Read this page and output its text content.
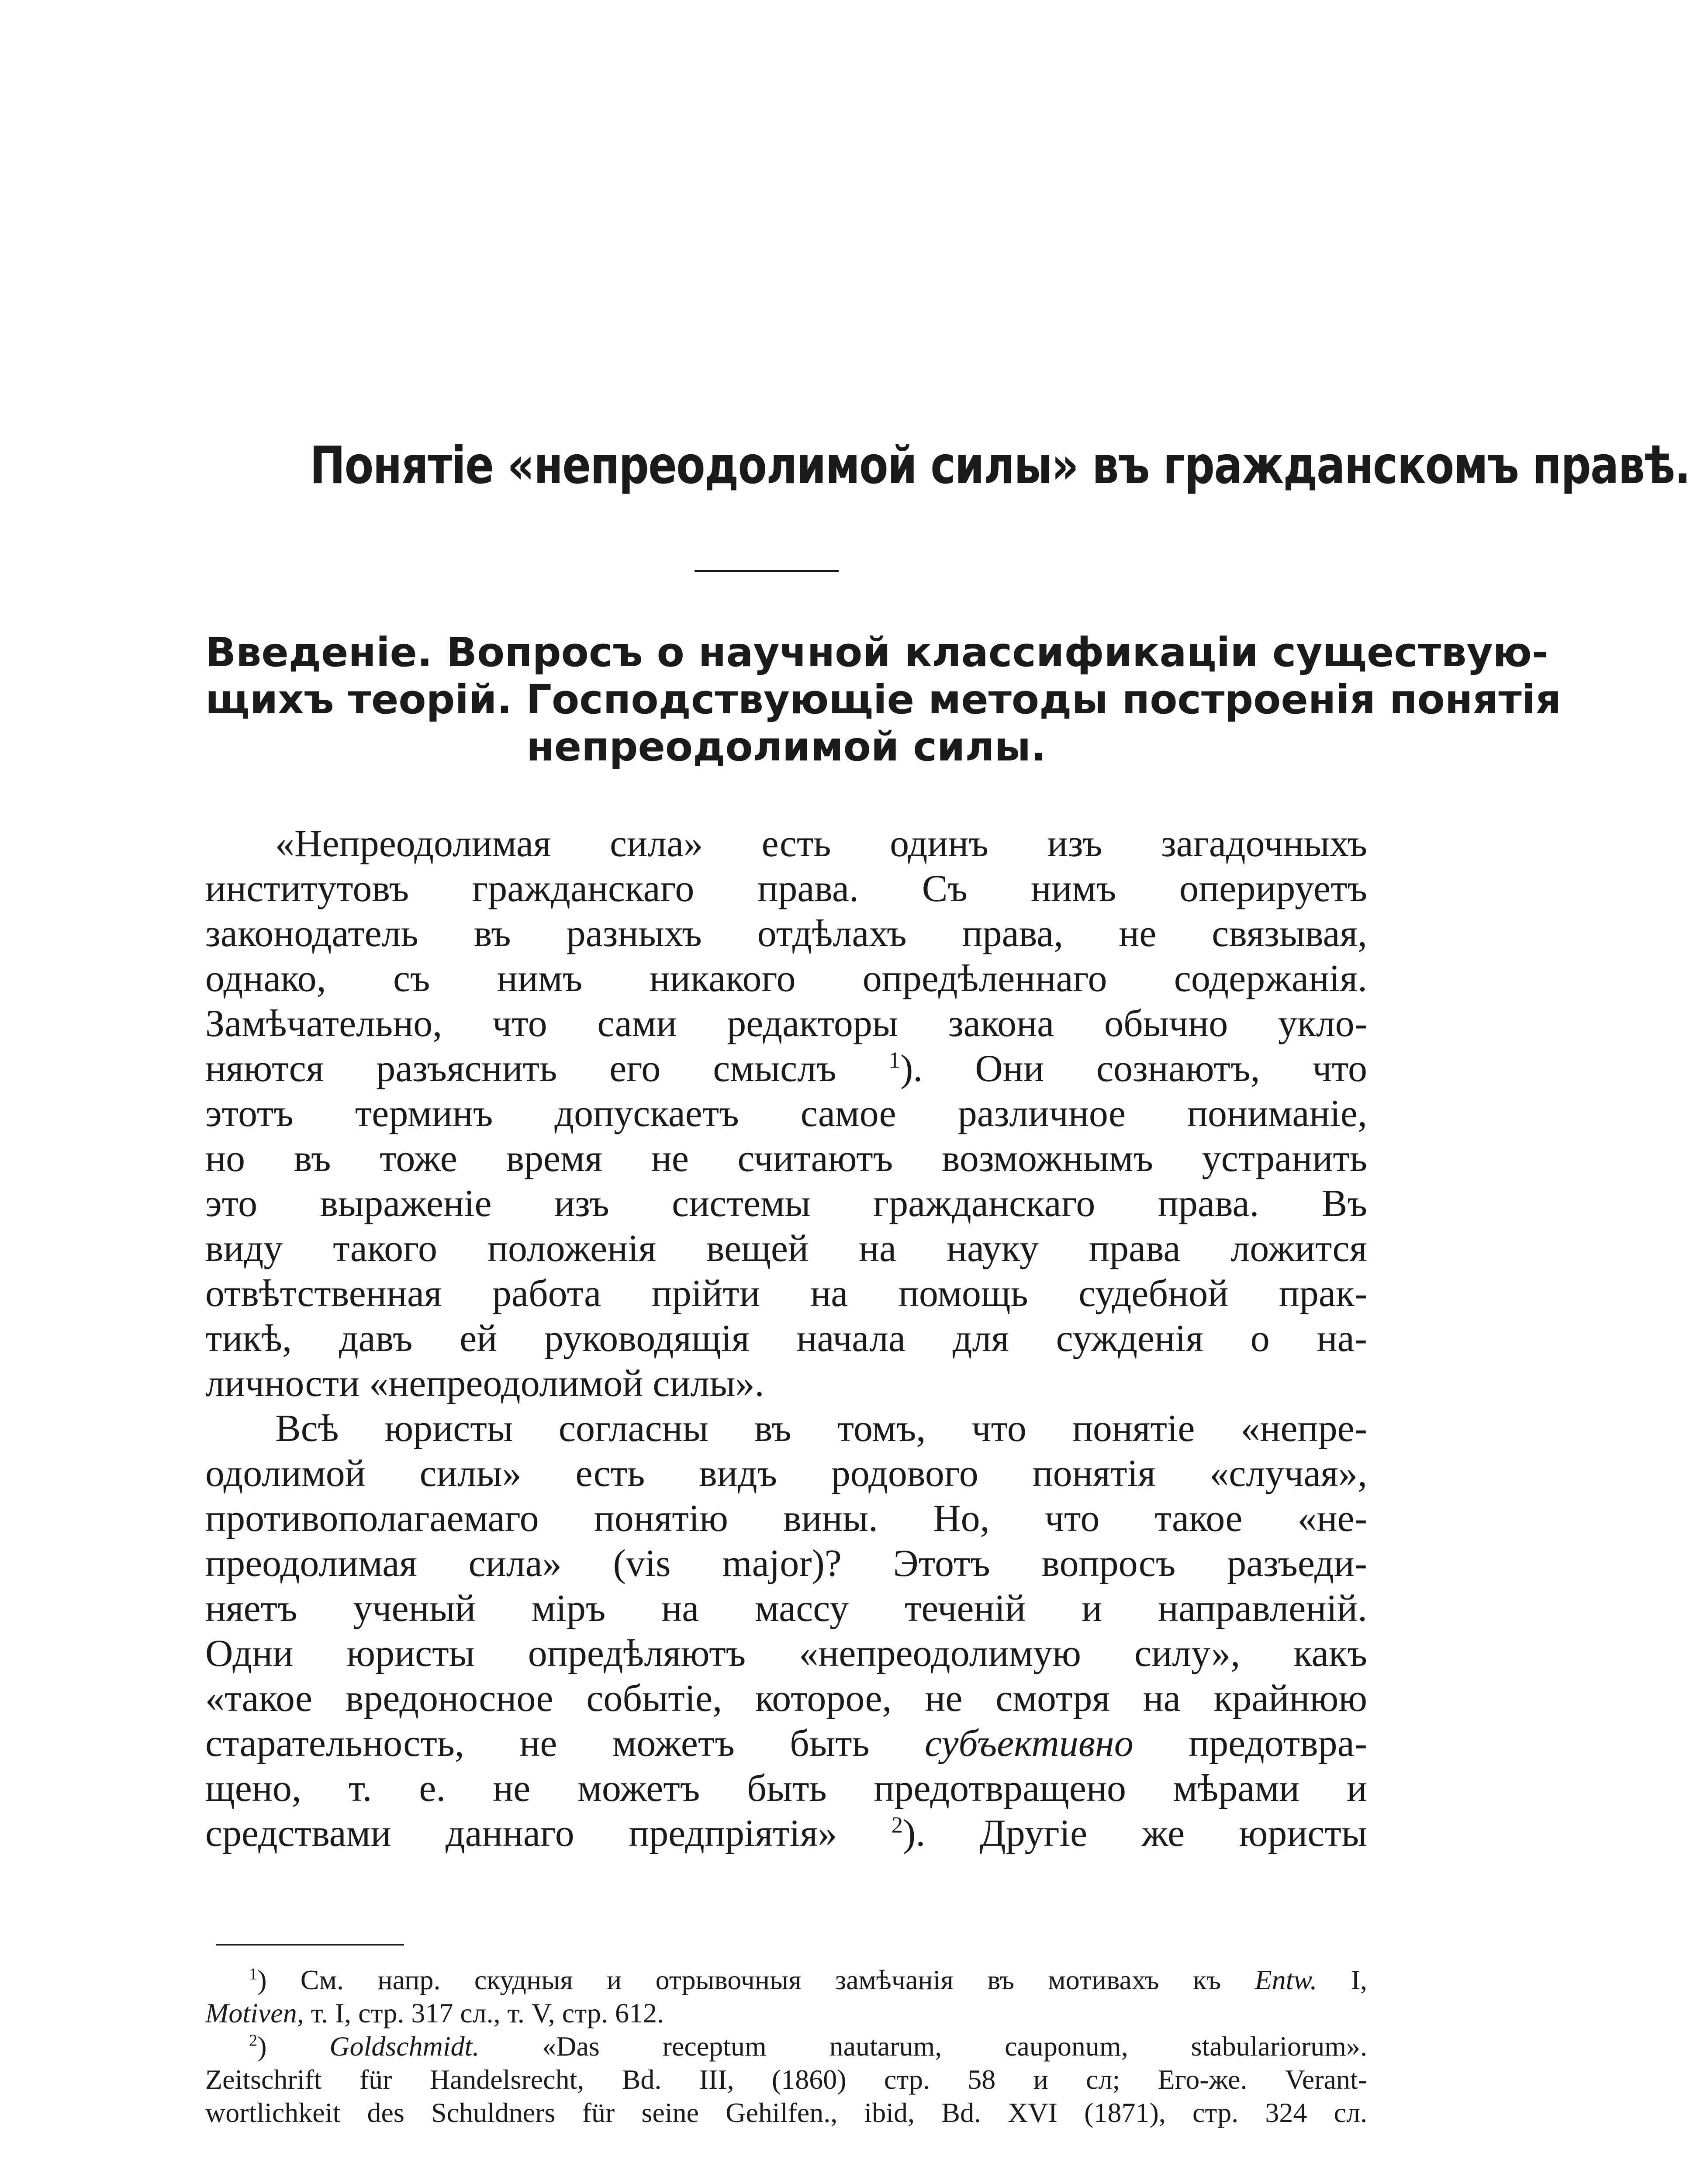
Понятіе «непреодолимой силы» въ гражданскомъ правѣ.
Введеніе. Вопросъ о научной классификаціи существую-
щихъ теорій. Господствующіе методы построенія понятія
непреодолимой силы.
«Непреодолимая сила» есть одинъ изъ загадочныхъ
институтовъ гражданскаго права. Съ нимъ оперируетъ
законодатель въ разныхъ отдѣлахъ права, не связывая,
однако, съ нимъ никакого опредѣленнаго содержанія.
Замѣчательно, что сами редакторы закона обычно укло-
няются разъяснить его смыслъ $^1$). Они сознаютъ, что
этотъ терминъ допускаетъ самое различное пониманіе,
но въ тоже время не считаютъ возможнымъ устранить
это выраженіе изъ системы гражданскаго права. Въ
виду такого положенія вещей на науку права ложится
отвѣтственная работа прійти на помощь судебной прак-
тикѣ, давъ ей руководящія начала для сужденія о на-
личности «непреодолимой силы».
Всѣ юристы согласны въ томъ, что понятіе «непре-
одолимой силы» есть видъ родового понятія «случая»,
противополагаемаго понятію вины. Но, что такое «не-
преодолимая сила» (vis major)? Этотъ вопросъ разъеди-
няетъ ученый міръ на массу теченій и направленій.
Одни юристы опредѣляютъ «непреодолимую силу», какъ
«такое вредоносное событіе, которое, не смотря на крайнюю
старательность, не можетъ быть субъективно предотвра-
щено, т. е. не можетъ быть предотвращено мѣрами и
средствами даннаго предпріятія» $^2$). Другіе же юристы
$^1$) См. напр. скудныя и отрывочныя замѣчанія въ мотивахъ къ Entw. I,
Motiven, т. I, стр. 317 сл., т. V, стр. 612.
$^2$) Goldschmidt. «Das receptum nautarum, cauponum, stabulariorum».
Zeitschrift für Handelsrecht, Bd. III, (1860) стр. 58 и сл; Его-же. Verant-
wortlichkeit des Schuldners für seine Gehilfen., ibid, Bd. XVI (1871), стр. 324 сл.
